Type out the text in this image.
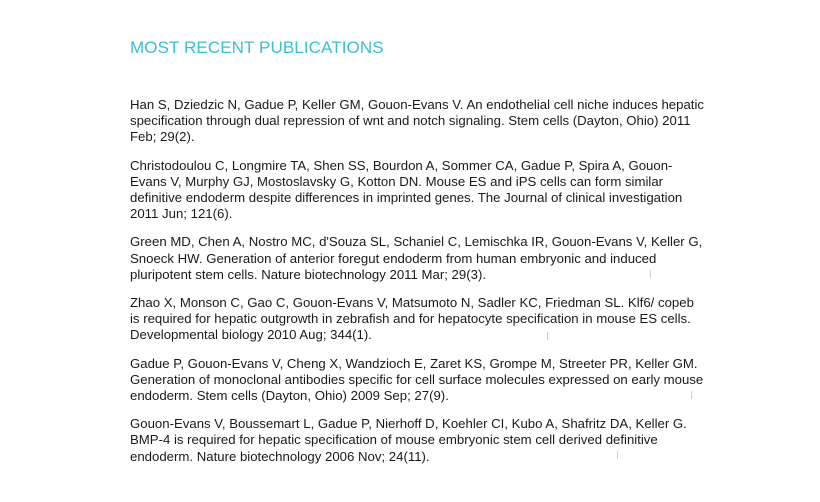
MOST RECENT PUBLICATIONS
Han S, Dziedzic N, Gadue P, Keller GM, Gouon-Evans V. An endothelial cell niche induces hepatic specification through dual repression of wnt and notch signaling. Stem cells (Dayton, Ohio) 2011 Feb; 29(2).
Christodoulou C, Longmire TA, Shen SS, Bourdon A, Sommer CA, Gadue P, Spira A, Gouon-Evans V, Murphy GJ, Mostoslavsky G, Kotton DN. Mouse ES and iPS cells can form similar definitive endoderm despite differences in imprinted genes. The Journal of clinical investigation 2011 Jun; 121(6).
Green MD, Chen A, Nostro MC, d'Souza SL, Schaniel C, Lemischka IR, Gouon-Evans V, Keller G, Snoeck HW. Generation of anterior foregut endoderm from human embryonic and induced pluripotent stem cells. Nature biotechnology 2011 Mar; 29(3).
Zhao X, Monson C, Gao C, Gouon-Evans V, Matsumoto N, Sadler KC, Friedman SL. Klf6/ copeb is required for hepatic outgrowth in zebrafish and for hepatocyte specification in mouse ES cells. Developmental biology 2010 Aug; 344(1).
Gadue P, Gouon-Evans V, Cheng X, Wandzioch E, Zaret KS, Grompe M, Streeter PR, Keller GM. Generation of monoclonal antibodies specific for cell surface molecules expressed on early mouse endoderm. Stem cells (Dayton, Ohio) 2009 Sep; 27(9).
Gouon-Evans V, Boussemart L, Gadue P, Nierhoff D, Koehler CI, Kubo A, Shafritz DA, Keller G. BMP-4 is required for hepatic specification of mouse embryonic stem cell derived definitive endoderm. Nature biotechnology 2006 Nov; 24(11).
